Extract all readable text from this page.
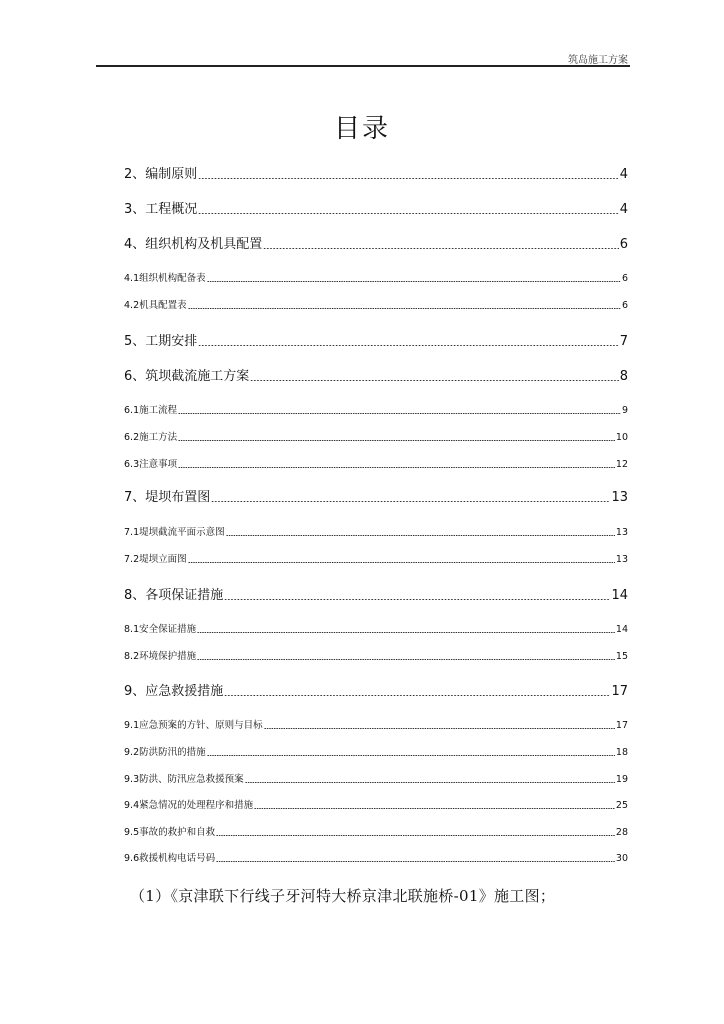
筑岛施工方案
目录
2、编制原则	4
3、工程概况	4
4、组织机构及机具配置	6
4.1组织机构配备表	6
4.2机具配置表	6
5、工期安排	7
6、筑坝截流施工方案	8
6.1施工流程	9
6.2施工方法	10
6.3注意事项	12
7、堤坝布置图	13
7.1堤坝截流平面示意图	13
7.2堤坝立面图	13
8、各项保证措施	14
8.1安全保证措施	14
8.2环境保护措施	15
9、应急救援措施	17
9.1应急预案的方针、原则与目标	17
9.2防洪防汛的措施	18
9.3防洪、防汛应急救援预案	19
9.4紧急情况的处理程序和措施	25
9.5事故的救护和自救	28
9.6救援机构电话号码	30
（1）《京津联下行线子牙河特大桥京津北联施桥-01》施工图；
